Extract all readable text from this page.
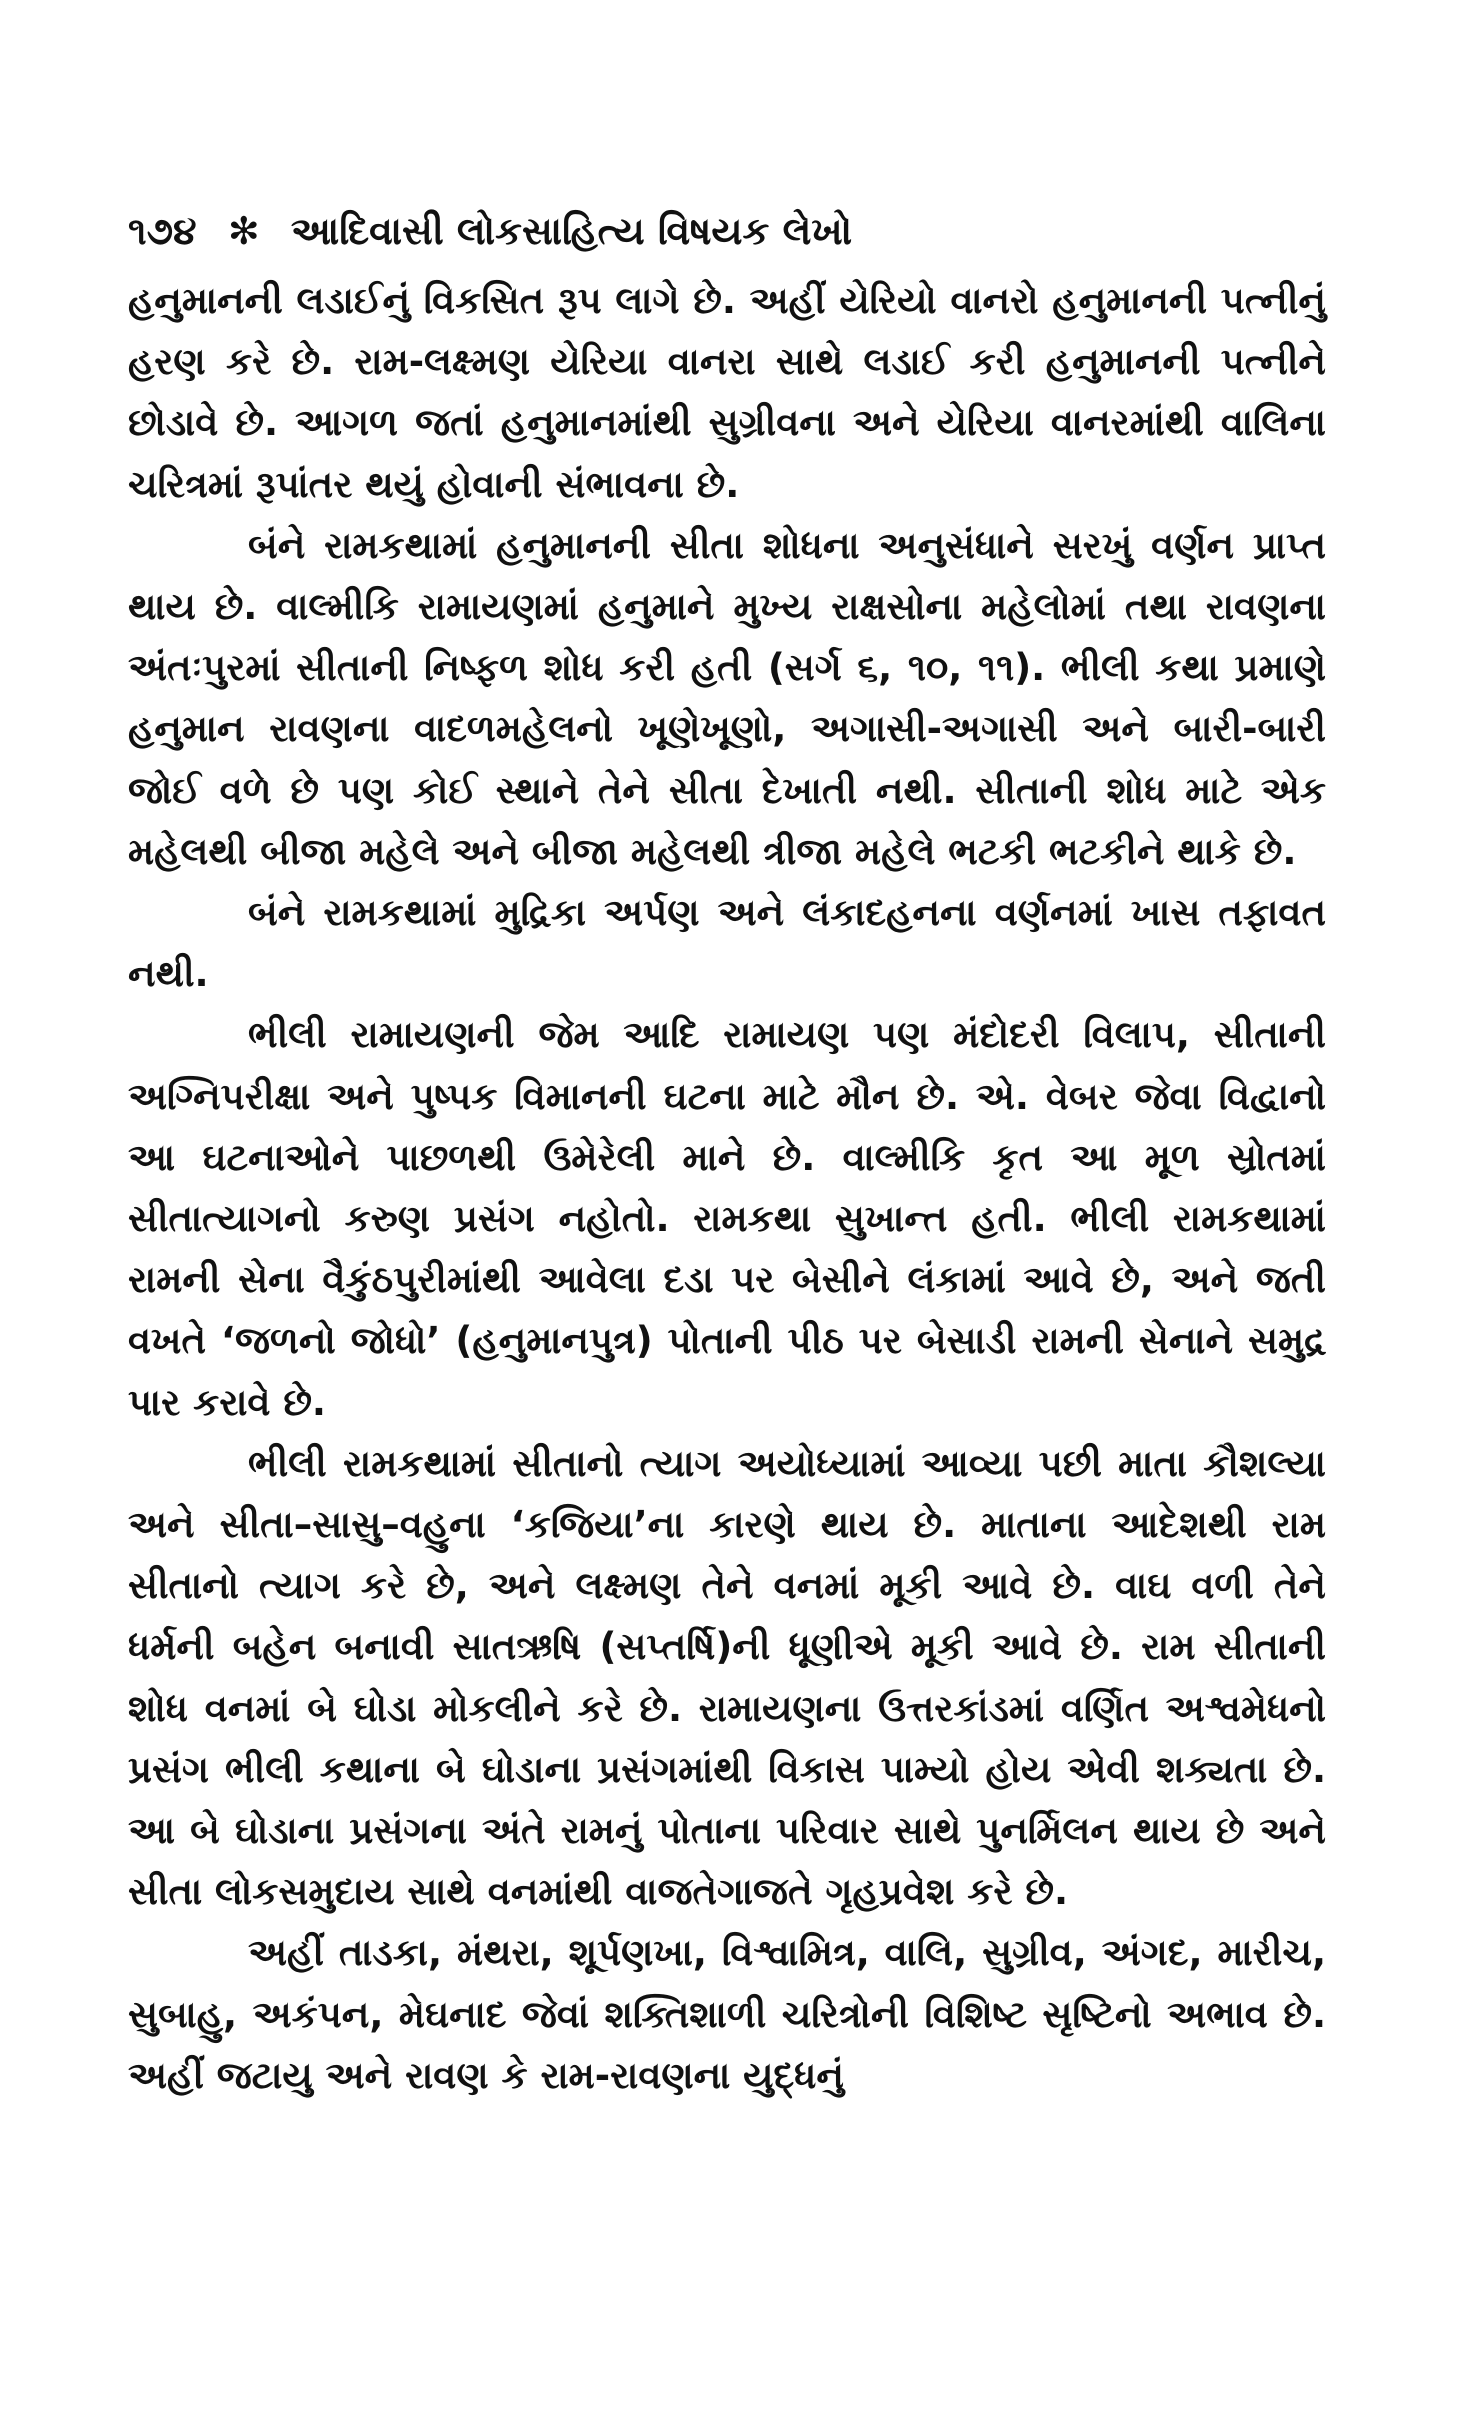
૧૭૪ ✻ આદિવાસી લોકસાહિત્ય વિષયક લેખો

હનુમાનની લડાઈનું વિકસિત રૂપ લાગે છે. અહીં યેરિયો વાનરો હનુમાનની પત્નીનું હરણ કરે છે. રામ-લક્ષ્મણ યેરિયા વાનરા સાથે લડાઈ કરી હનુમાનની પત્નીને છોડાવે છે. આગળ જતાં હનુમાનમાંથી સુગ્રીવના અને યેરિયા વાનરમાંથી વાલિના ચરિત્રમાં રૂપાંતર થયું હોવાની સંભાવના છે.

બંને રામકથામાં હનુમાનની સીતા શોધના અનુસંધાને સરખું વર્ણન પ્રાપ્ત થાય છે. વાલ્મીકિ રામાયણમાં હનુમાને મુખ્ય રાક્ષસોના મહેલોમાં તથા રાવણના અંતઃપુરમાં સીતાની નિષ્ફળ શોધ કરી હતી (સર્ગ ૬, ૧૦, ૧૧). ભીલી કથા પ્રમાણે હનુમાન રાવણના વાદળમહેલનો ખૂણેખૂણો, અગાસી-અગાસી અને બારી-બારી જોઈ વળે છે પણ કોઈ સ્થાને તેને સીતા દેખાતી નથી. સીતાની શોધ માટે એક મહેલથી બીજા મહેલે અને બીજા મહેલથી ત્રીજા મહેલે ભટકી ભટકીને થાકે છે.

બંને રામકથામાં મુદ્રિકા અર્પણ અને લંકાદહનના વર્ણનમાં ખાસ તફાવત નથી.

ભીલી રામાયણની જેમ આદિ રામાયણ પણ મંદોદરી વિલાપ, સીતાની અગ્નિપરીક્ષા અને પુષ્પક વિમાનની ઘટના માટે મૌન છે. એ. વેબર જેવા વિદ્વાનો આ ઘટનાઓને પાછળથી ઉમેરેલી માને છે. વાલ્મીકિ કૃત આ મૂળ સ્રોતમાં સીતાત્યાગનો કરુણ પ્રસંગ નહોતો. રામકથા સુખાન્ત હતી. ભીલી રામકથામાં રામની સેના વૈકુંઠપુરીમાંથી આવેલા દડા પર બેસીને લંકામાં આવે છે, અને જતી વખતે ‘જળનો જોધો’ (હનુમાનપુત્ર) પોતાની પીઠ પર બેસાડી રામની સેનાને સમુદ્ર પાર કરાવે છે.

ભીલી રામકથામાં સીતાનો ત્યાગ અયોધ્યામાં આવ્યા પછી માતા કૌશલ્યા અને સીતા–સાસુ–વહુના ‘કજિયા’ના કારણે થાય છે. માતાના આદેશથી રામ સીતાનો ત્યાગ કરે છે, અને લક્ષ્મણ તેને વનમાં મૂકી આવે છે. વાઘ વળી તેને ધર્મની બહેન બનાવી સાતઋષિ (સપ્તર્ષિ)ની ધૂણીએ મૂકી આવે છે. રામ સીતાની શોધ વનમાં બે ઘોડા મોકલીને કરે છે. રામાયણના ઉત્તરકાંડમાં વર્ણિત અશ્વમેધનો પ્રસંગ ભીલી કથાના બે ઘોડાના પ્રસંગમાંથી વિકાસ પામ્યો હોય એવી શક્યતા છે. આ બે ઘોડાના પ્રસંગના અંતે રામનું પોતાના પરિવાર સાથે પુનર્મિલન થાય છે અને સીતા લોકસમુદાય સાથે વનમાંથી વાજતેગાજતે ગૃહપ્રવેશ કરે છે.

અહીં તાડકા, મંથરા, શૂર્પણખા, વિશ્વામિત્ર, વાલિ, સુગ્રીવ, અંગદ, મારીચ, સુબાહુ, અકંપન, મેઘનાદ જેવાં શક્તિશાળી ચરિત્રોની વિશિષ્ટ સૃષ્ટિનો અભાવ છે. અહીં જટાયુ અને રાવણ કે રામ-રાવણના યુદ્ધનું
